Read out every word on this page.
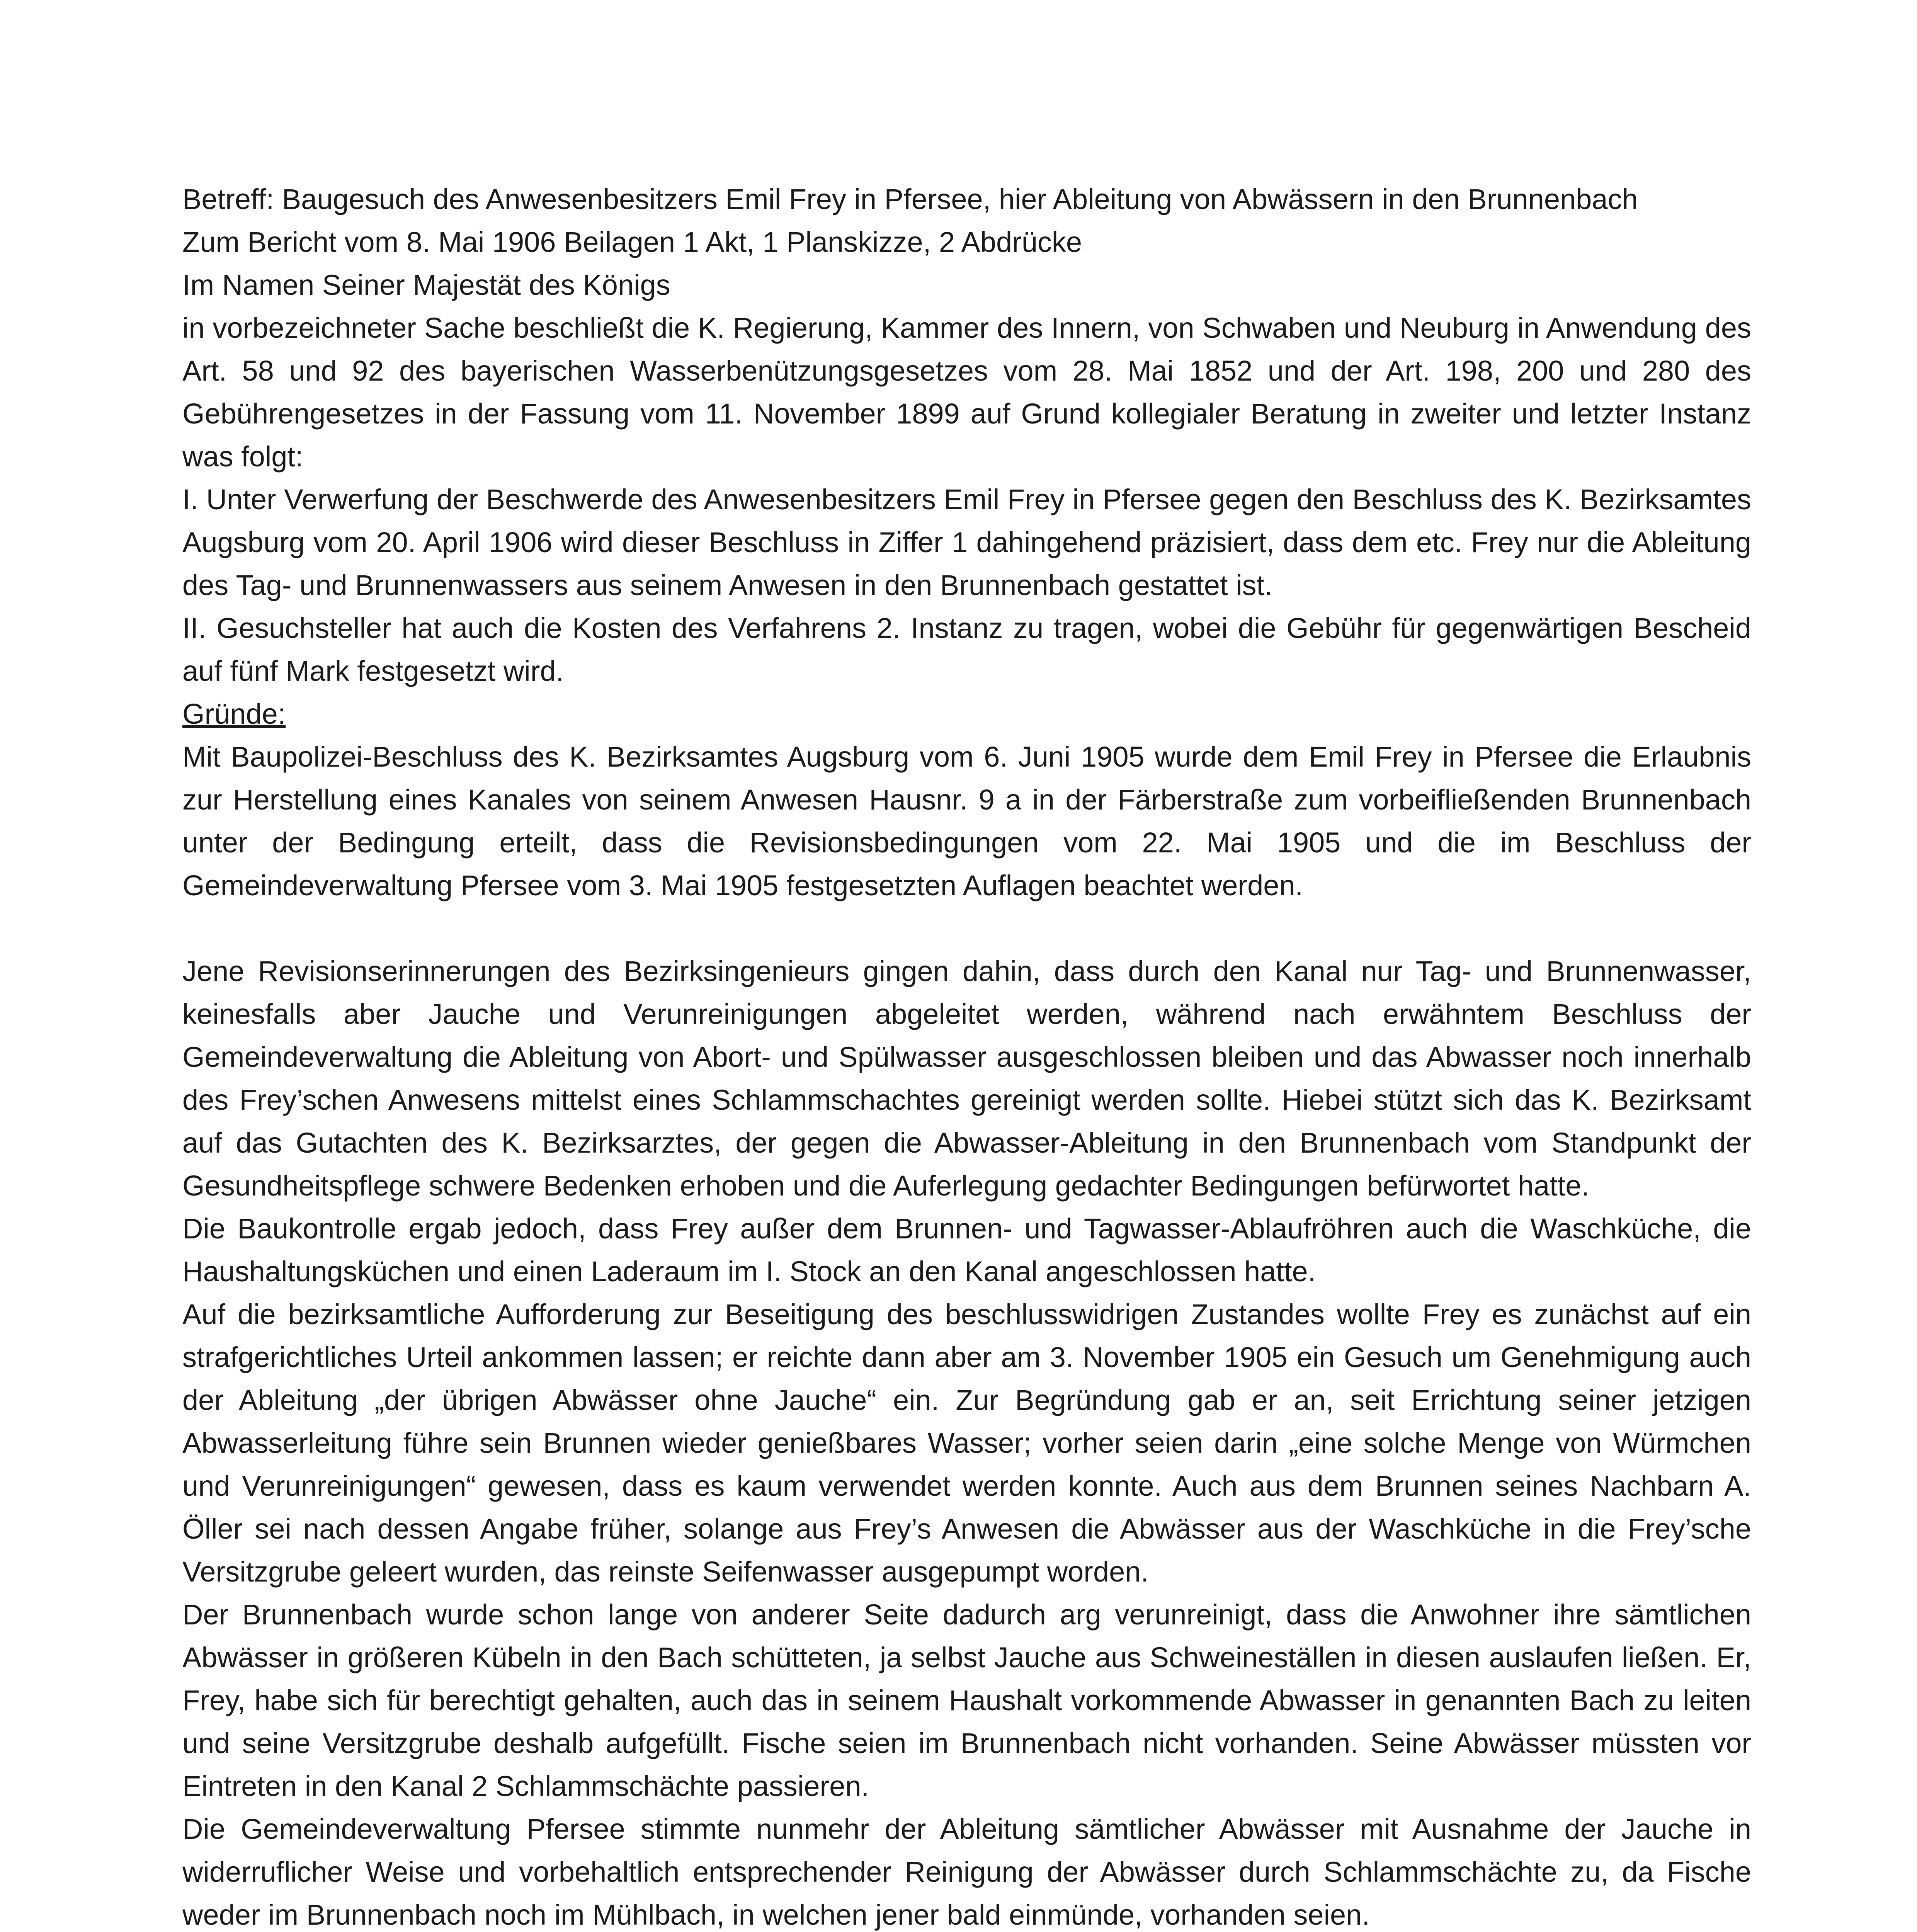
Betreff: Baugesuch des Anwesenbesitzers Emil Frey in Pfersee, hier Ableitung von Abwässern in den Brunnenbach

Zum Bericht vom 8. Mai 1906 Beilagen 1 Akt, 1 Planskizze, 2 Abdrücke

Im Namen Seiner Majestät des Königs

in vorbezeichneter Sache beschließt die K. Regierung, Kammer des Innern, von Schwaben und Neuburg in Anwendung des Art. 58 und 92 des bayerischen Wasserbenützungsgesetzes vom 28. Mai 1852 und der Art. 198, 200 und 280 des Gebührengesetzes in der Fassung vom 11. November 1899 auf Grund kollegialer Beratung in zweiter und letzter Instanz was folgt:

I. Unter Verwerfung der Beschwerde des Anwesenbesitzers Emil Frey in Pfersee gegen den Beschluss des K. Bezirksamtes Augsburg vom 20. April 1906 wird dieser Beschluss in Ziffer 1 dahingehend präzisiert, dass dem etc. Frey nur die Ableitung des Tag- und Brunnenwassers aus seinem Anwesen in den Brunnenbach gestattet ist.

II. Gesuchsteller hat auch die Kosten des Verfahrens 2. Instanz zu tragen, wobei die Gebühr für gegenwärtigen Bescheid auf fünf Mark festgesetzt wird.

Gründe:

Mit Baupolizei-Beschluss des K. Bezirksamtes Augsburg vom 6. Juni 1905 wurde dem Emil Frey in Pfersee die Erlaubnis zur Herstellung eines Kanales von seinem Anwesen Hausnr. 9 a in der Färberstraße zum vorbeifließenden Brunnenbach unter der Bedingung erteilt, dass die Revisionsbedingungen vom 22. Mai 1905 und die im Beschluss der Gemeindeverwaltung Pfersee vom 3. Mai 1905 festgesetzten Auflagen beachtet werden.

Jene Revisionserinnerungen des Bezirksingenieurs gingen dahin, dass durch den Kanal nur Tag- und Brunnenwasser, keinesfalls aber Jauche und Verunreinigungen abgeleitet werden, während nach erwähntem Beschluss der Gemeindeverwaltung die Ableitung von Abort- und Spülwasser ausgeschlossen bleiben und das Abwasser noch innerhalb des Frey’schen Anwesens mittelst eines Schlammschachtes gereinigt werden sollte. Hiebei stützt sich das K. Bezirksamt auf das Gutachten des K. Bezirksarztes, der gegen die Abwasser-Ableitung in den Brunnenbach vom Standpunkt der Gesundheitspflege schwere Bedenken erhoben und die Auferlegung gedachter Bedingungen befürwortet hatte.

Die Baukontrolle ergab jedoch, dass Frey außer dem Brunnen- und Tagwasser-Ablaufröhren auch die Waschküche, die Haushaltungsküchen und einen Laderaum im I. Stock an den Kanal angeschlossen hatte.

Auf die bezirksamtliche Aufforderung zur Beseitigung des beschlusswidrigen Zustandes wollte Frey es zunächst auf ein strafgerichtliches Urteil ankommen lassen; er reichte dann aber am 3. November 1905 ein Gesuch um Genehmigung auch der Ableitung „der übrigen Abwässer ohne Jauche“ ein. Zur Begründung gab er an, seit Errichtung seiner jetzigen Abwasserleitung führe sein Brunnen wieder genießbares Wasser; vorher seien darin „eine solche Menge von Würmchen und Verunreinigungen“ gewesen, dass es kaum verwendet werden konnte. Auch aus dem Brunnen seines Nachbarn A. Öller sei nach dessen Angabe früher, solange aus Frey’s Anwesen die Abwässer aus der Waschküche in die Frey’sche Versitzgrube geleert wurden, das reinste Seifenwasser ausgepumpt worden.

Der Brunnenbach wurde schon lange von anderer Seite dadurch arg verunreinigt, dass die Anwohner ihre sämtlichen Abwässer in größeren Kübeln in den Bach schütteten, ja selbst Jauche aus Schweineställen in diesen auslaufen ließen. Er, Frey, habe sich für berechtigt gehalten, auch das in seinem Haushalt vorkommende Abwasser in genannten Bach zu leiten und seine Versitzgrube deshalb aufgefüllt. Fische seien im Brunnenbach nicht vorhanden. Seine Abwässer müssten vor Eintreten in den Kanal 2 Schlammschächte passieren.

Die Gemeindeverwaltung Pfersee stimmte nunmehr der Ableitung sämtlicher Abwässer mit Ausnahme der Jauche in widerruflicher Weise und vorbehaltlich entsprechender Reinigung der Abwässer durch Schlammschächte zu, da Fische weder im Brunnenbach noch im Mühlbach, in welchen jener bald einmünde, vorhanden seien.
